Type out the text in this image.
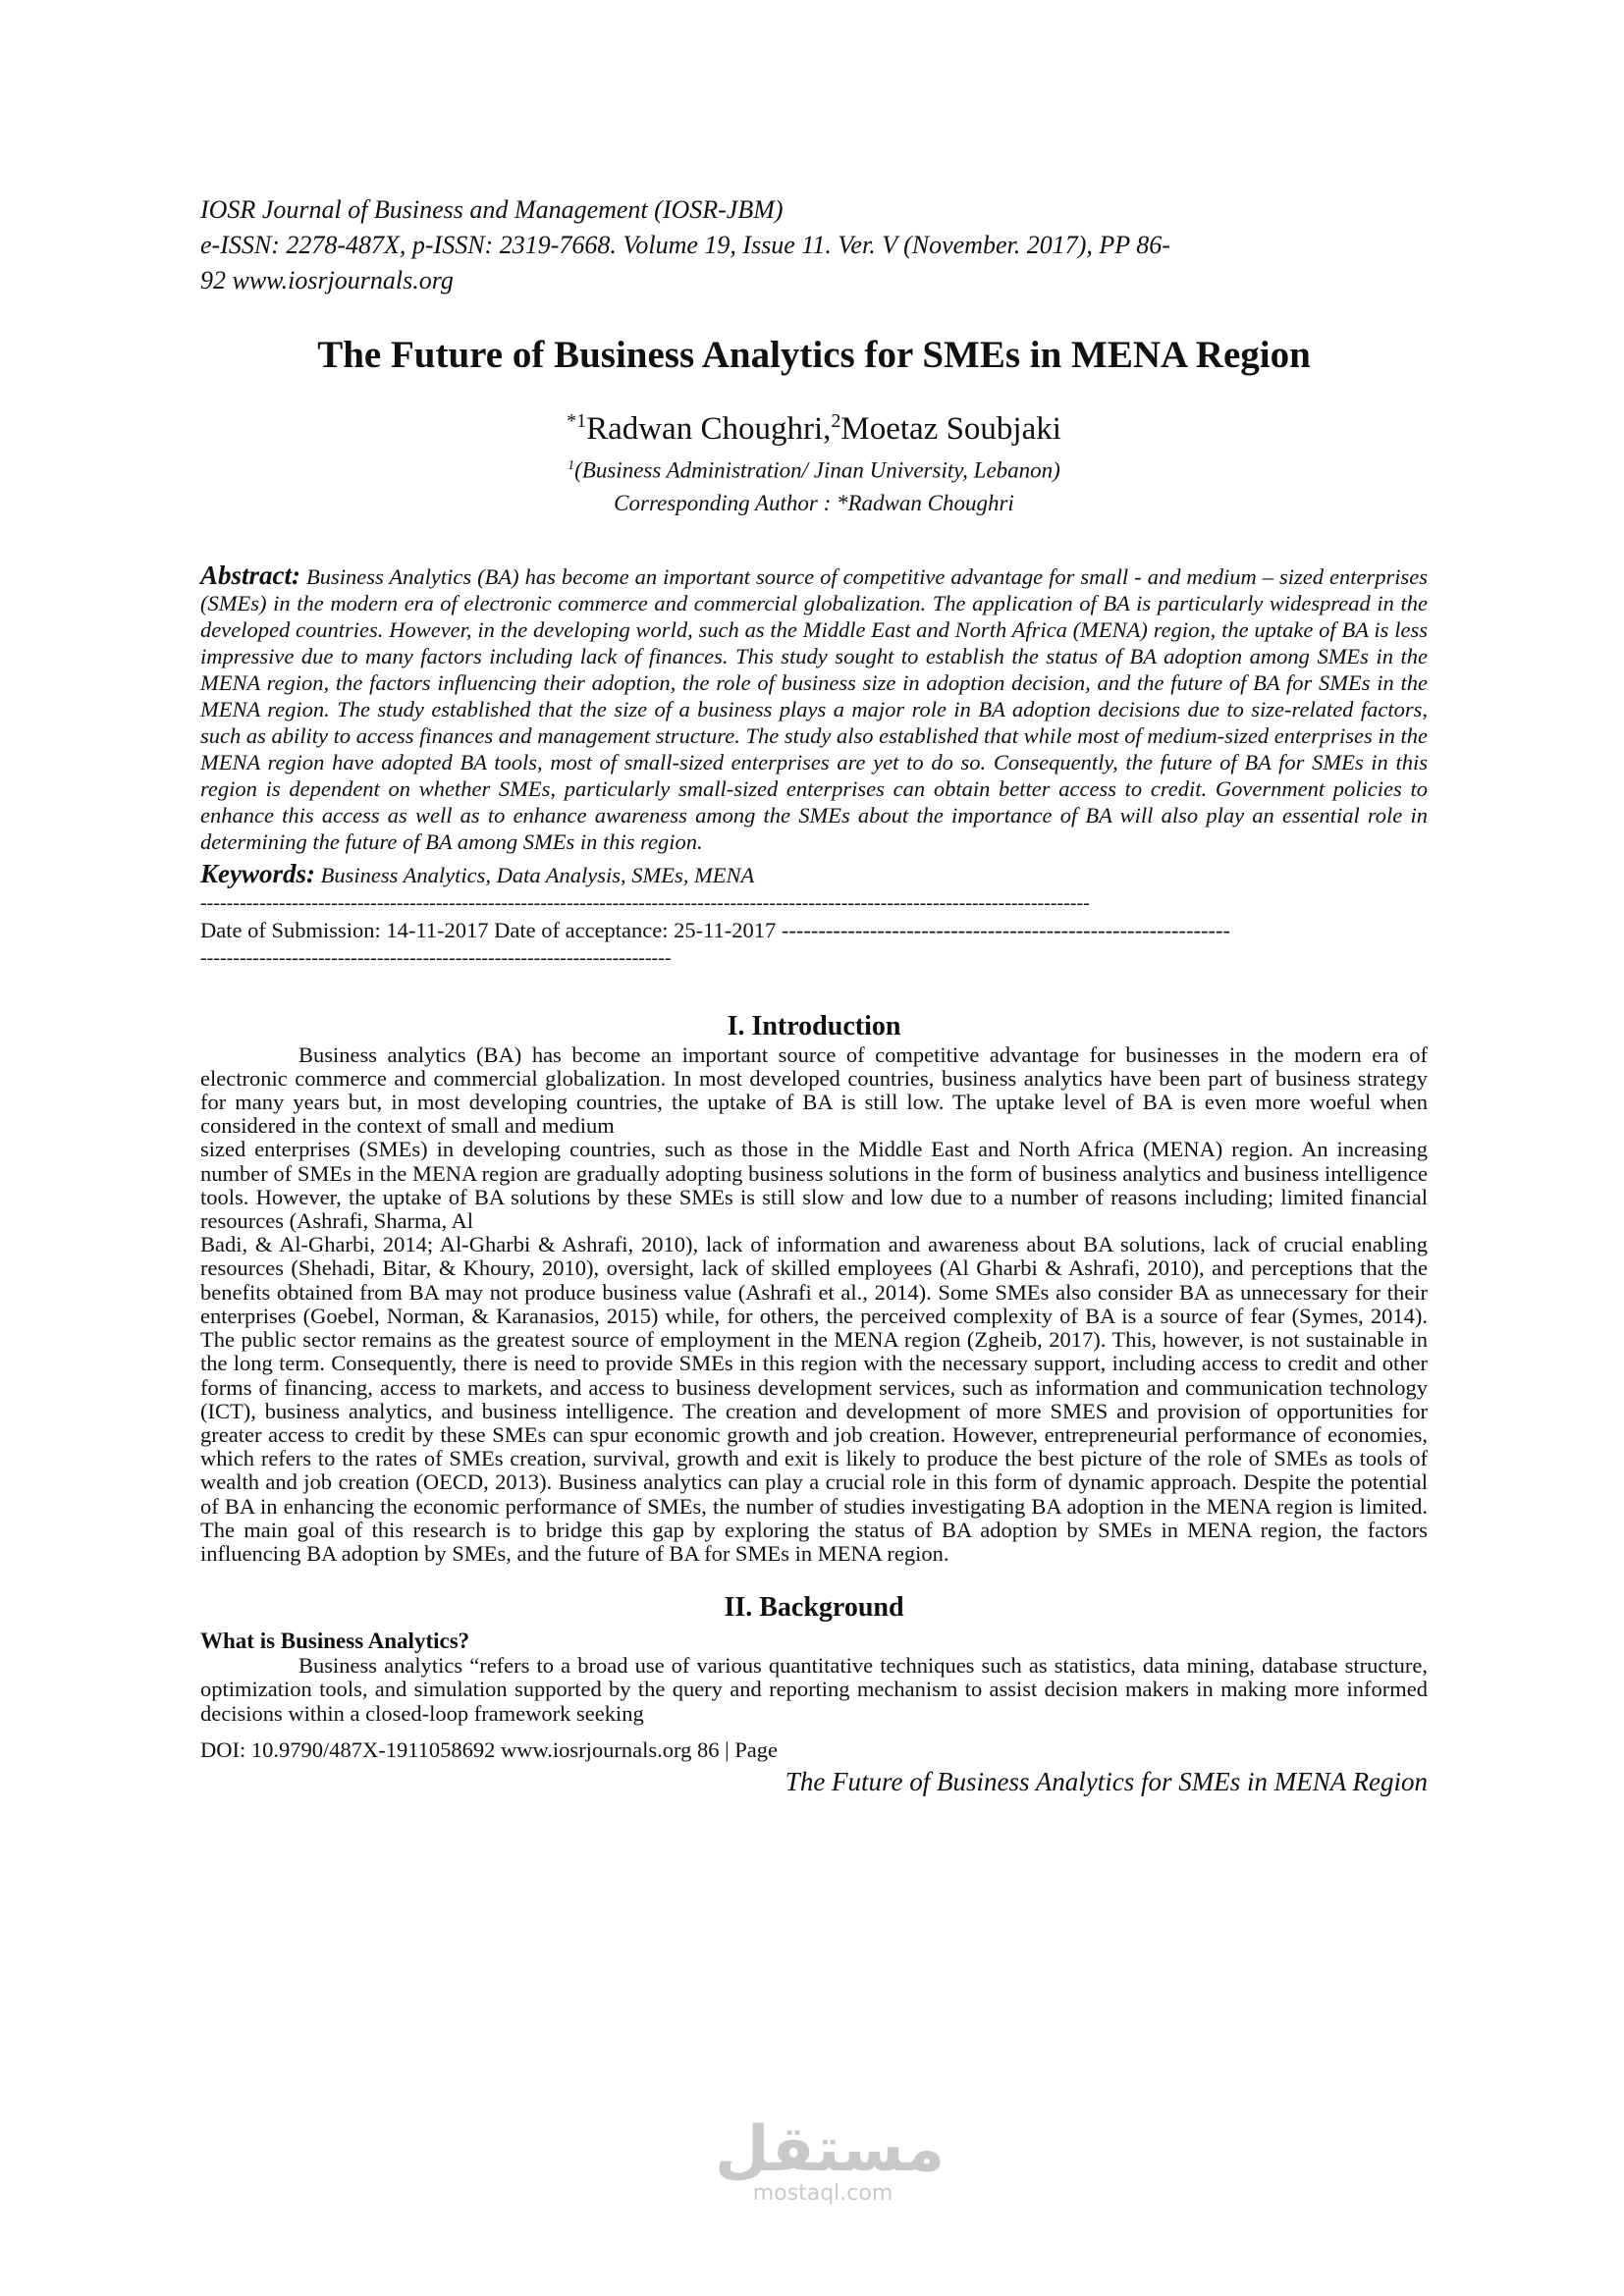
IOSR Journal of Business and Management (IOSR-JBM)
e-ISSN: 2278-487X, p-ISSN: 2319-7668. Volume 19, Issue 11. Ver. V (November. 2017), PP 86-
92 www.iosrjournals.org
The Future of Business Analytics for SMEs in MENA Region
$^{*1}$Radwan Choughri,$^2$Moetaz Soubjaki
$^1$(Business Administration/ Jinan University, Lebanon)
Corresponding Author : *Radwan Choughri
Abstract: Business Analytics (BA) has become an important source of competitive advantage for small - and medium – sized enterprises (SMEs) in the modern era of electronic commerce and commercial globalization. The application of BA is particularly widespread in the developed countries. However, in the developing world, such as the Middle East and North Africa (MENA) region, the uptake of BA is less impressive due to many factors including lack of finances. This study sought to establish the status of BA adoption among SMEs in the MENA region, the factors influencing their adoption, the role of business size in adoption decision, and the future of BA for SMEs in the MENA region. The study established that the size of a business plays a major role in BA adoption decisions due to size-related factors, such as ability to access finances and management structure. The study also established that while most of medium-sized enterprises in the MENA region have adopted BA tools, most of small-sized enterprises are yet to do so. Consequently, the future of BA for SMEs in this region is dependent on whether SMEs, particularly small-sized enterprises can obtain better access to credit. Government policies to enhance this access as well as to enhance awareness among the SMEs about the importance of BA will also play an essential role in determining the future of BA among SMEs in this region.
Keywords: Business Analytics, Data Analysis, SMEs, MENA
----------------------------------------------------------------------------------------------------------------------------------------
Date of Submission: 14-11-2017 Date of acceptance: 25-11-2017 -------------------------------------------------------------
------------------------------------------------------------------------
I. Introduction
Business analytics (BA) has become an important source of competitive advantage for businesses in the modern era of electronic commerce and commercial globalization. In most developed countries, business analytics have been part of business strategy for many years but, in most developing countries, the uptake of BA is still low. The uptake level of BA is even more woeful when considered in the context of small and medium
sized enterprises (SMEs) in developing countries, such as those in the Middle East and North Africa (MENA) region. An increasing number of SMEs in the MENA region are gradually adopting business solutions in the form of business analytics and business intelligence tools. However, the uptake of BA solutions by these SMEs is still slow and low due to a number of reasons including; limited financial resources (Ashrafi, Sharma, Al
Badi, & Al-Gharbi, 2014; Al-Gharbi & Ashrafi, 2010), lack of information and awareness about BA solutions, lack of crucial enabling resources (Shehadi, Bitar, & Khoury, 2010), oversight, lack of skilled employees (Al Gharbi & Ashrafi, 2010), and perceptions that the benefits obtained from BA may not produce business value (Ashrafi et al., 2014). Some SMEs also consider BA as unnecessary for their enterprises (Goebel, Norman, & Karanasios, 2015) while, for others, the perceived complexity of BA is a source of fear (Symes, 2014). The public sector remains as the greatest source of employment in the MENA region (Zgheib, 2017). This, however, is not sustainable in the long term. Consequently, there is need to provide SMEs in this region with the necessary support, including access to credit and other forms of financing, access to markets, and access to business development services, such as information and communication technology (ICT), business analytics, and business intelligence. The creation and development of more SMES and provision of opportunities for greater access to credit by these SMEs can spur economic growth and job creation. However, entrepreneurial performance of economies, which refers to the rates of SMEs creation, survival, growth and exit is likely to produce the best picture of the role of SMEs as tools of wealth and job creation (OECD, 2013). Business analytics can play a crucial role in this form of dynamic approach. Despite the potential of BA in enhancing the economic performance of SMEs, the number of studies investigating BA adoption in the MENA region is limited. The main goal of this research is to bridge this gap by exploring the status of BA adoption by SMEs in MENA region, the factors influencing BA adoption by SMEs, and the future of BA for SMEs in MENA region.
II. Background
What is Business Analytics?
Business analytics “refers to a broad use of various quantitative techniques such as statistics, data mining, database structure, optimization tools, and simulation supported by the query and reporting mechanism to assist decision makers in making more informed decisions within a closed-loop framework seeking
DOI: 10.9790/487X-1911058692 www.iosrjournals.org 86 | Page
The Future of Business Analytics for SMEs in MENA Region
مستقل
mostaql.com
